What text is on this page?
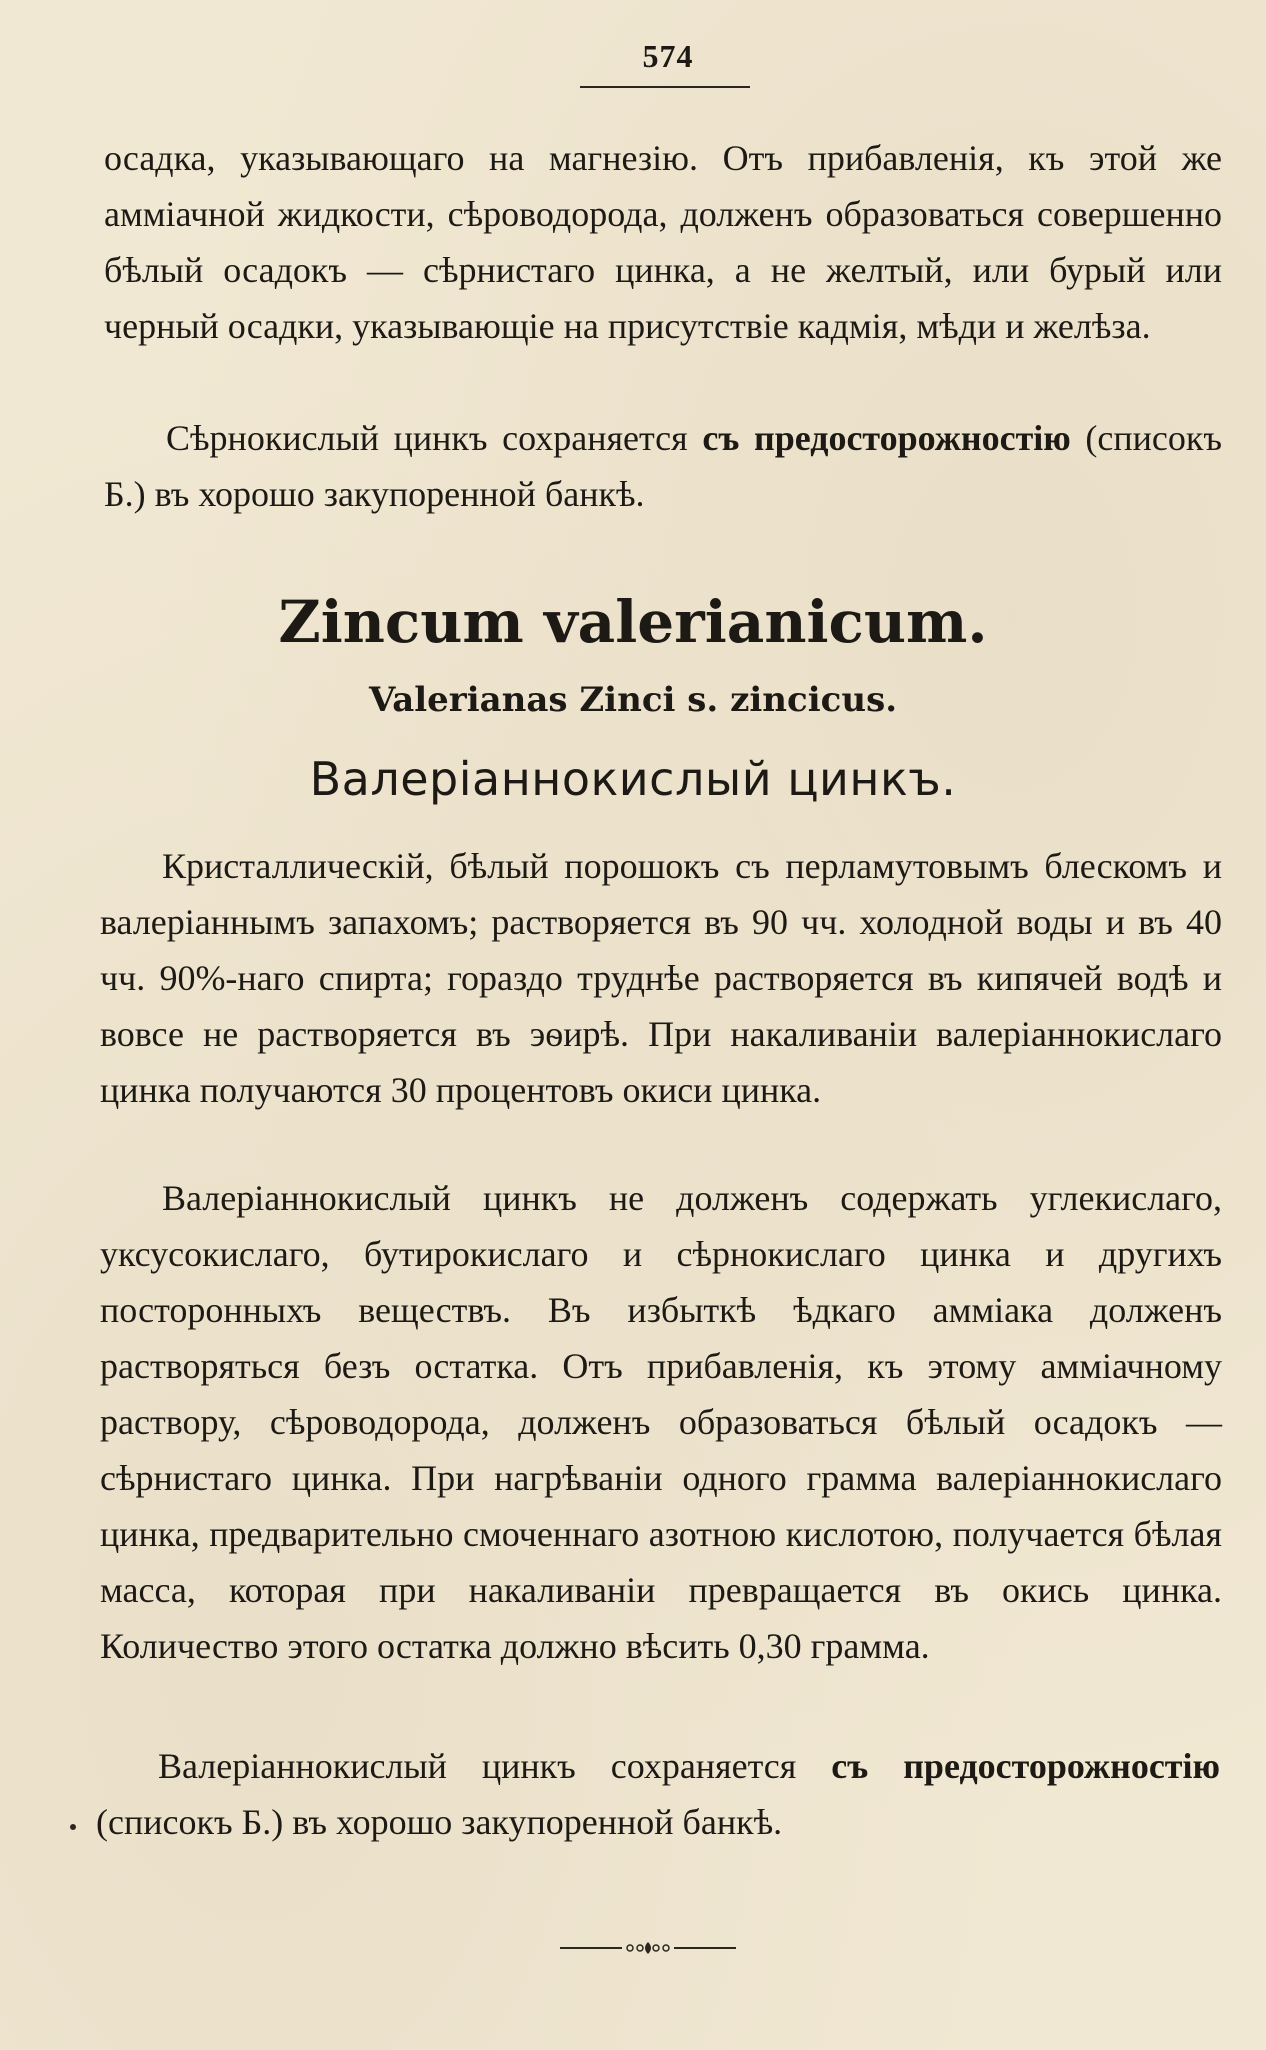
574

осадка, указывающаго на магнезію. Отъ прибавленія, къ этой же амміачной жидкости, сѣроводорода, долженъ образоваться совершенно бѣлый осадокъ — сѣрнистаго цинка, а не желтый, или бурый или черный осадки, указывающіе на присутствіе кадмія, мѣди и желѣза.

Сѣрнокислый цинкъ сохраняется съ предосторожностію (списокъ Б.) въ хорошо закупоренной банкѣ.

Zincum valerianicum.
Valerianas Zinci s. zincicus.
Валеріаннокислый цинкъ.

Кристаллическій, бѣлый порошокъ съ перламутовымъ блескомъ и валеріаннымъ запахомъ; растворяется въ 90 чч. холодной воды и въ 40 чч. 90%-наго спирта; гораздо труднѣе растворяется въ кипячей водѣ и вовсе не растворяется въ эѳирѣ. При накаливаніи валеріаннокислаго цинка получаются 30 процентовъ окиси цинка.

Валеріаннокислый цинкъ не долженъ содержать углекислаго, уксусокислаго, бутирокислаго и сѣрнокислаго цинка и другихъ посторонныхъ веществъ. Въ избыткѣ ѣдкаго амміака долженъ растворяться безъ остатка. Отъ прибавленія, къ этому амміачному раствору, сѣроводорода, долженъ образоваться бѣлый осадокъ — сѣрнистаго цинка. При нагрѣваніи одного грамма валеріаннокислаго цинка, предварительно смоченнаго азотною кислотою, получается бѣлая масса, которая при накаливаніи превращается въ окись цинка. Количество этого остатка должно вѣсить 0,30 грамма.

Валеріаннокислый цинкъ сохраняется съ предосторожностію (списокъ Б.) въ хорошо закупоренной банкѣ.
